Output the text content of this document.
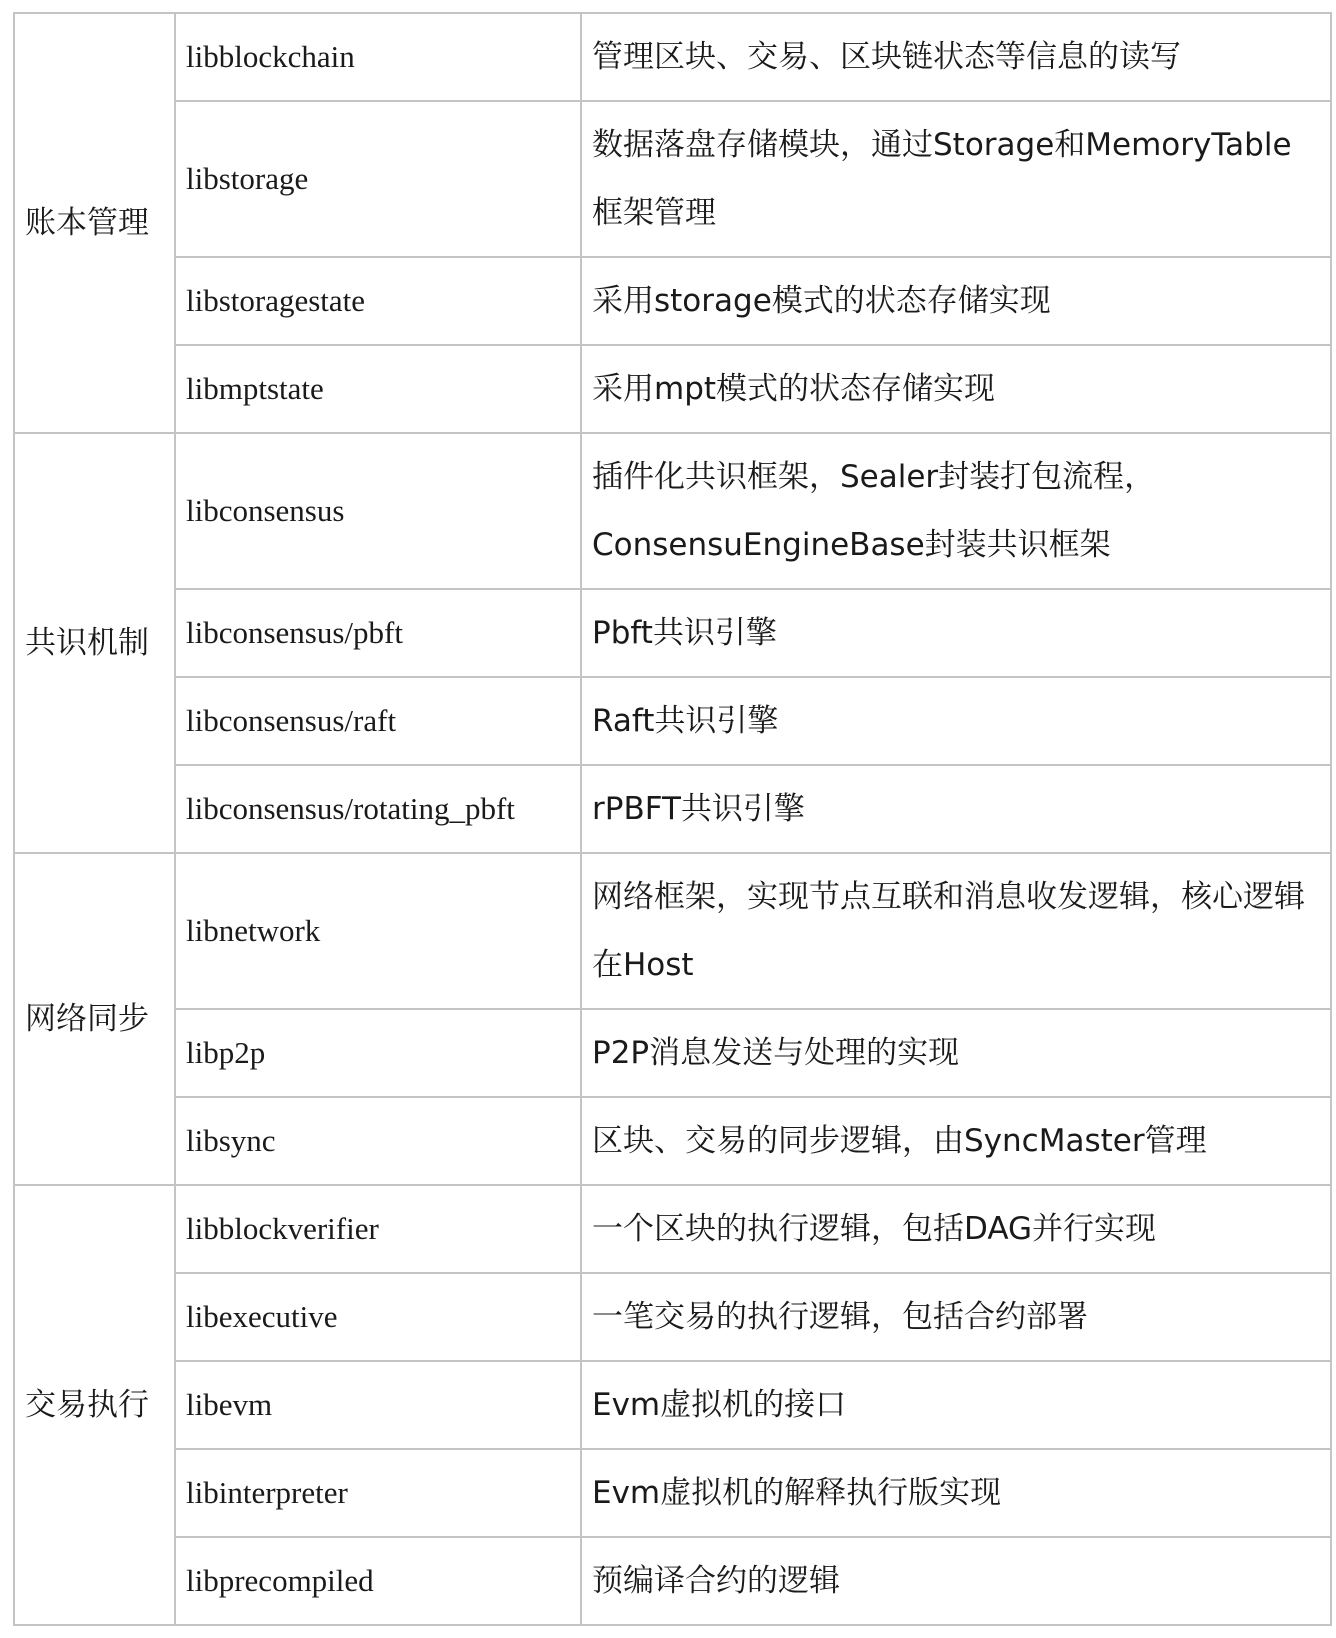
账本管理	libblockchain	管理区块、交易、区块链状态等信息的读写
	libstorage	数据落盘存储模块，通过Storage和MemoryTable框架管理
	libstoragestate	采用storage模式的状态存储实现
	libmptstate	采用mpt模式的状态存储实现
共识机制	libconsensus	插件化共识框架，Sealer封装打包流程，ConsensuEngineBase封装共识框架
	libconsensus/pbft	Pbft共识引擎
	libconsensus/raft	Raft共识引擎
	libconsensus/rotating_pbft	rPBFT共识引擎
网络同步	libnetwork	网络框架，实现节点互联和消息收发逻辑，核心逻辑在Host
	libp2p	P2P消息发送与处理的实现
	libsync	区块、交易的同步逻辑，由SyncMaster管理
交易执行	libblockverifier	一个区块的执行逻辑，包括DAG并行实现
	libexecutive	一笔交易的执行逻辑，包括合约部署
	libevm	Evm虚拟机的接口
	libinterpreter	Evm虚拟机的解释执行版实现
	libprecompiled	预编译合约的逻辑
